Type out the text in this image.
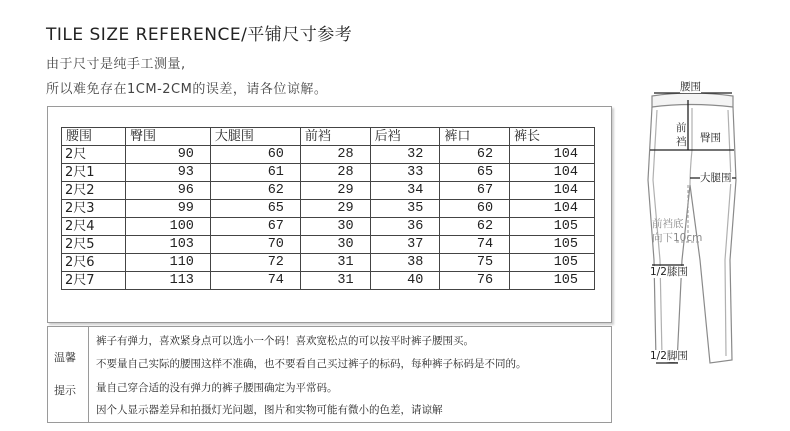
TILE SIZE REFERENCE/平铺尺寸参考
由于尺寸是纯手工测量,
所以难免存在1CM-2CM的误差，请各位谅解。
腰围	臀围	大腿围	前裆	后裆	裤口	裤长
2尺	90	60	28	32	62	104
2尺1	93	61	28	33	65	104
2尺2	96	62	29	34	67	104
2尺3	99	65	29	35	60	104
2尺4	100	67	30	36	62	105
2尺5	103	70	30	37	74	105
2尺6	110	72	31	38	75	105
2尺7	113	74	31	40	76	105
温馨
提示
裤子有弹力，喜欢紧身点可以选小一个码！喜欢宽松点的可以按平时裤子腰围买。
不要量自己实际的腰围这样不准确，也不要看自己买过裤子的标码，每种裤子标码是不同的。
量自己穿合适的没有弹力的裤子腰围确定为平常码。
因个人显示器差异和拍摄灯光问题，图片和实物可能有微小的色差，请谅解
腰围
前
裆 臀围
大腿围
前裆底
向下10cm
1/2膝围
1/2脚围
